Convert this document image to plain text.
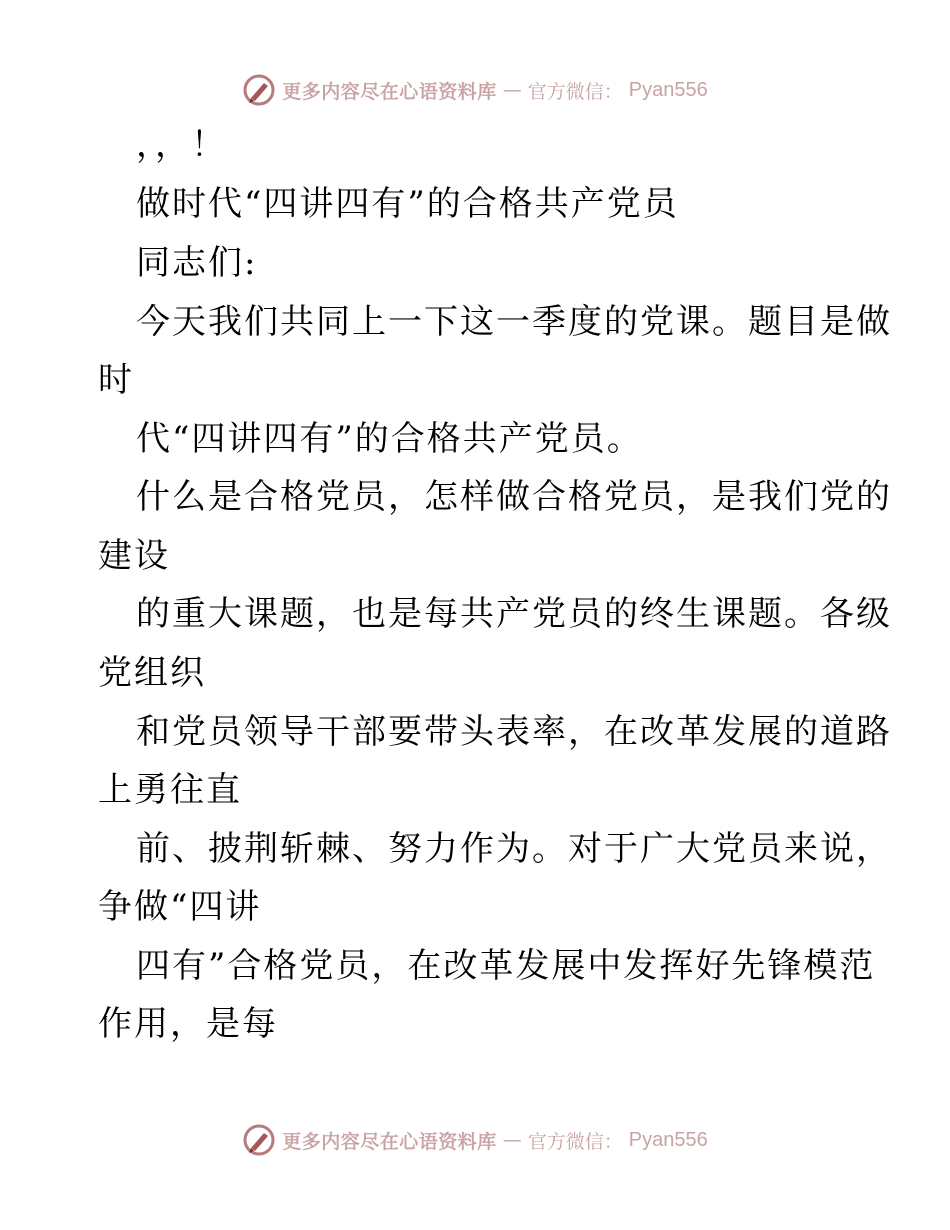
更多内容尽在心语资料库 — 官方微信： Pyan556
，，！
做时代“四讲四有”的合格共产党员
同志们:
今天我们共同上一下这一季度的党课。题目是做
时
代“四讲四有”的合格共产党员。
什么是合格党员，怎样做合格党员，是我们党的
建设
的重大课题，也是每共产党员的终生课题。各级
党组织
和党员领导干部要带头表率，在改革发展的道路
上勇往直
前、披荆斩棘、努力作为。对于广大党员来说，
争做“四讲
四有”合格党员，在改革发展中发挥好先锋模范
作用，是每
更多内容尽在心语资料库 — 官方微信： Pyan556
